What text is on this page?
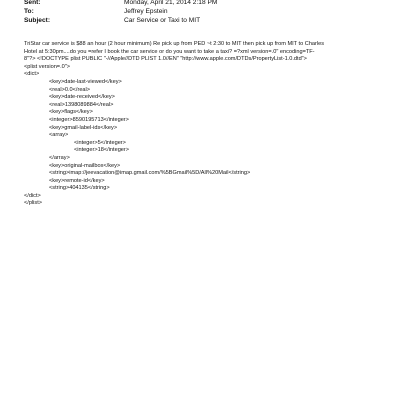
Sent:	Monday, April 21, 2014 2:18 PM
To:	Jeffrey Epstein
Subject:	Car Service or Taxi to MIT
TriStar car service is $88 an hour (2 hour minimum) Re pick up from PED ~t 2:30 to MIT then pick up from MIT to Charles
Hotel at 5:30pm....do you =refer I book the car service or do you want to take a taxi? =?xml version=.0" encoding=TF-
8"?> <!DOCTYPE plist PUBLIC "-//Apple//DTD PLIST 1.0//EN" "http://www.apple.com/DTDs/PropertyList-1.0.dtd">
<plist version=.0">
<dict>
<key>date-last-viewed</key>
<real>0.0</real>
<key>date-received</key>
<real>1398089884</real>
<key>flags</key>
<integer>8590195713</integer>
<key>gmail-label-ids</key>
<array>
<integer>5</integer>
<integer>18</integer>
</array>
<key>original-mailbox</key>
<string>imap://jeevacation@imap.gmail.com/%5BGmail%5D/All%20Mail</string>
<key>remote-id</key>
<string>404135</string>
</dict>
</plist>
